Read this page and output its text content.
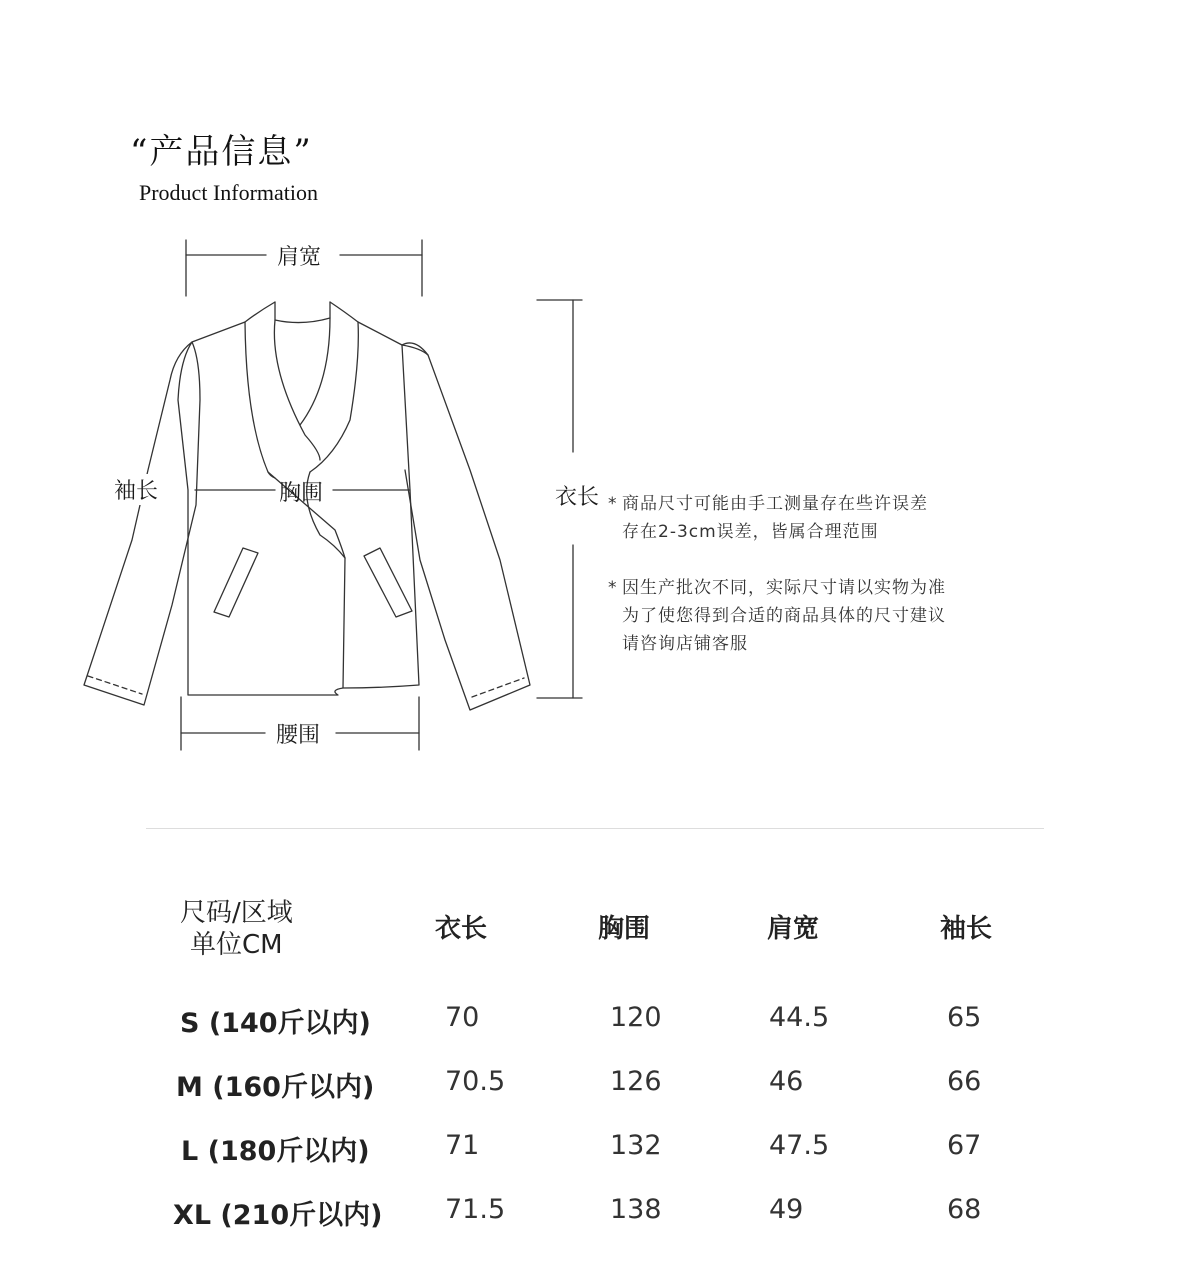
“产品信息”
Product Information
肩宽
袖长	胸围
腰围
衣长 * 商品尺寸可能由手工测量存在些许误差
存在2-3cm误差，皆属合理范围
* 因生产批次不同，实际尺寸请以实物为准
为了使您得到合适的商品具体的尺寸建议
请咨询店铺客服
尺码/区域
单位CM
衣长	胸围	肩宽	袖长
S (140斤以内)	70	120	44.5	65
M (160斤以内)	70.5	126	46	66
L (180斤以内)	71	132	47.5	67
XL (210斤以内) 71.5	138	49	68
